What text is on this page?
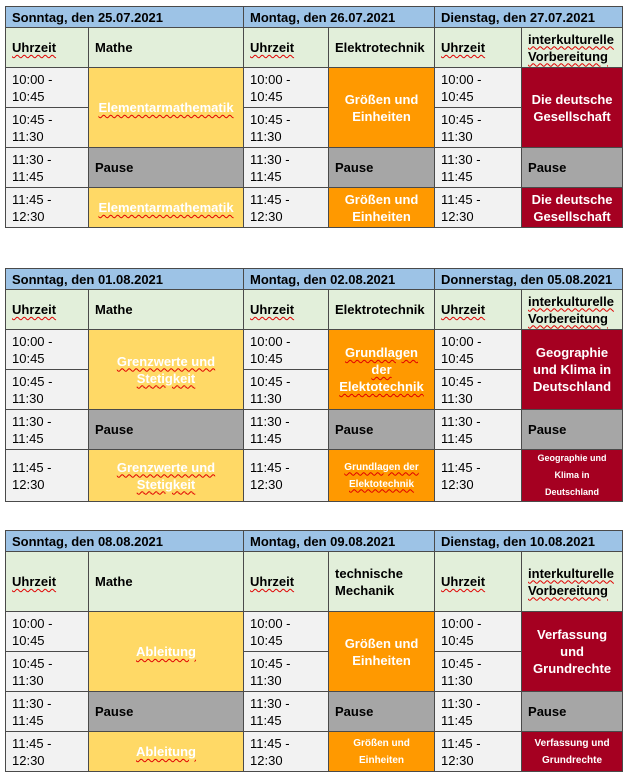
Sonntag, den 25.07.2021		Montag, den 26.07.2021		Dienstag, den 27.07.2021	
Uhrzeit	Mathe	Uhrzeit	Elektrotechnik	Uhrzeit	interkulturelle Vorbereitung
10:00 - 10:45	Elementarmathematik	10:00 - 10:45	Größen und Einheiten	10:00 - 10:45	Die deutsche Gesellschaft
10:45 - 11:30		10:45 - 11:30		10:45 - 11:30	
11:30 - 11:45	Pause	11:30 - 11:45	Pause	11:30 - 11:45	Pause
11:45 - 12:30	Elementarmathematik	11:45 - 12:30	Größen und Einheiten	11:45 - 12:30	Die deutsche Gesellschaft
Sonntag, den 01.08.2021		Montag, den 02.08.2021		Donnerstag, den 05.08.2021	
Uhrzeit	Mathe	Uhrzeit	Elektrotechnik	Uhrzeit	interkulturelle Vorbereitung
10:00 - 10:45	Grenzwerte und Stetigkeit	10:00 - 10:45	Grundlagen der Elektotechnik	10:00 - 10:45	Geographie und Klima in Deutschland
10:45 - 11:30		10:45 - 11:30		10:45 - 11:30	
11:30 - 11:45	Pause	11:30 - 11:45	Pause	11:30 - 11:45	Pause
11:45 - 12:30	Grenzwerte und Stetigkeit	11:45 - 12:30	Grundlagen der Elektotechnik	11:45 - 12:30	Geographie und Klima in Deutschland
Sonntag, den 08.08.2021		Montag, den 09.08.2021		Dienstag, den 10.08.2021	
Uhrzeit	Mathe	Uhrzeit	technische Mechanik	Uhrzeit	interkulturelle Vorbereitung
10:00 - 10:45	Ableitung	10:00 - 10:45	Größen und Einheiten	10:00 - 10:45	Verfassung und Grundrechte
10:45 - 11:30		10:45 - 11:30		10:45 - 11:30	
11:30 - 11:45	Pause	11:30 - 11:45	Pause	11:30 - 11:45	Pause
11:45 - 12:30	Ableitung	11:45 - 12:30	Größen und Einheiten	11:45 - 12:30	Verfassung und Grundrechte
